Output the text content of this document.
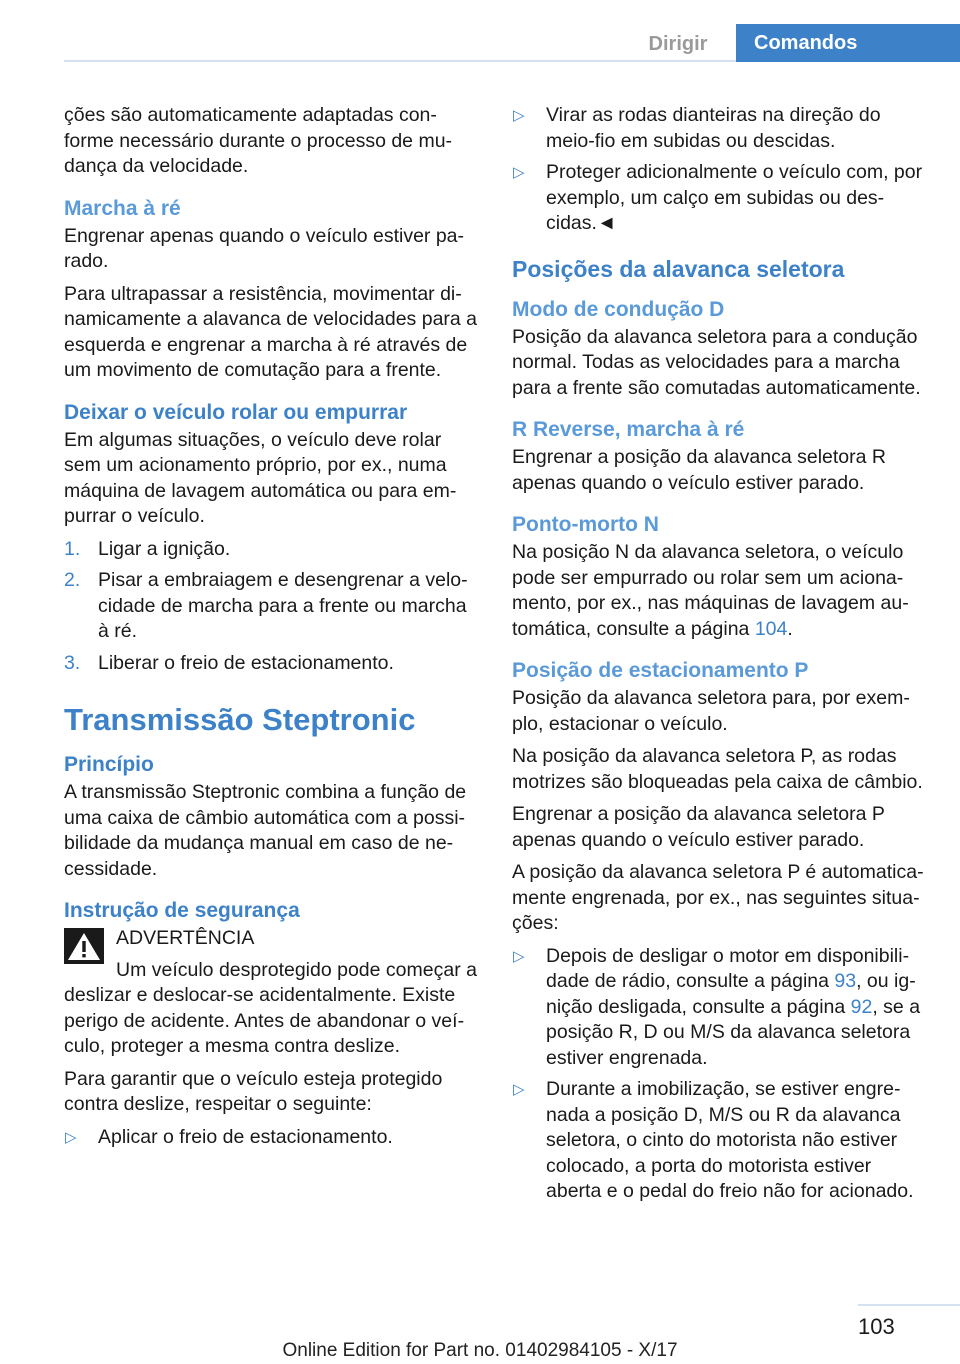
Dirigir	Comandos

ções são automaticamente adaptadas conforme necessário durante o processo de mudança da velocidade.

Marcha à ré

Engrenar apenas quando o veículo estiver parado.

Para ultrapassar a resistência, movimentar dinamicamente a alavanca de velocidades para a esquerda e engrenar a marcha à ré através de um movimento de comutação para a frente.

Deixar o veículo rolar ou empurrar

Em algumas situações, o veículo deve rolar sem um acionamento próprio, por ex., numa máquina de lavagem automática ou para empurrar o veículo.

1. Ligar a ignição.
2. Pisar a embraiagem e desengrenar a velocidade de marcha para a frente ou marcha à ré.
3. Liberar o freio de estacionamento.
Transmissão Steptronic
Princípio

A transmissão Steptronic combina a função de uma caixa de câmbio automática com a possibilidade da mudança manual em caso de necessidade.

Instrução de segurança
ADVERTÊNCIA

Um veículo desprotegido pode começar a deslizar e deslocar-se acidentalmente. Existe perigo de acidente. Antes de abandonar o veículo, proteger a mesma contra deslize.

Para garantir que o veículo esteja protegido contra deslize, respeitar o seguinte:

▷ Aplicar o freio de estacionamento.
▷ Virar as rodas dianteiras na direção do meio-fio em subidas ou descidas.
▷ Proteger adicionalmente o veículo com, por exemplo, um calço em subidas ou descidas.◄
Posições da alavanca seletora
Modo de condução D

Posição da alavanca seletora para a condução normal. Todas as velocidades para a marcha para a frente são comutadas automaticamente.

R Reverse, marcha à ré

Engrenar a posição da alavanca seletora R apenas quando o veículo estiver parado.

Ponto-morto N

Na posição N da alavanca seletora, o veículo pode ser empurrado ou rolar sem um acionamento, por ex., nas máquinas de lavagem automática, consulte a página 104.

Posição de estacionamento P

Posição da alavanca seletora para, por exemplo, estacionar o veículo.

Na posição da alavanca seletora P, as rodas motrizes são bloqueadas pela caixa de câmbio.

Engrenar a posição da alavanca seletora P apenas quando o veículo estiver parado.

A posição da alavanca seletora P é automaticamente engrenada, por ex., nas seguintes situações:

▷ Depois de desligar o motor em disponibilidade de rádio, consulte a página 93, ou ignição desligada, consulte a página 92, se a posição R, D ou M/S da alavanca seletora estiver engrenada.
▷ Durante a imobilização, se estiver engrenada a posição D, M/S ou R da alavanca seletora, o cinto do motorista não estiver colocado, a porta do motorista estiver aberta e o pedal do freio não for acionado.
103
Online Edition for Part no. 01402984105 - X/17
